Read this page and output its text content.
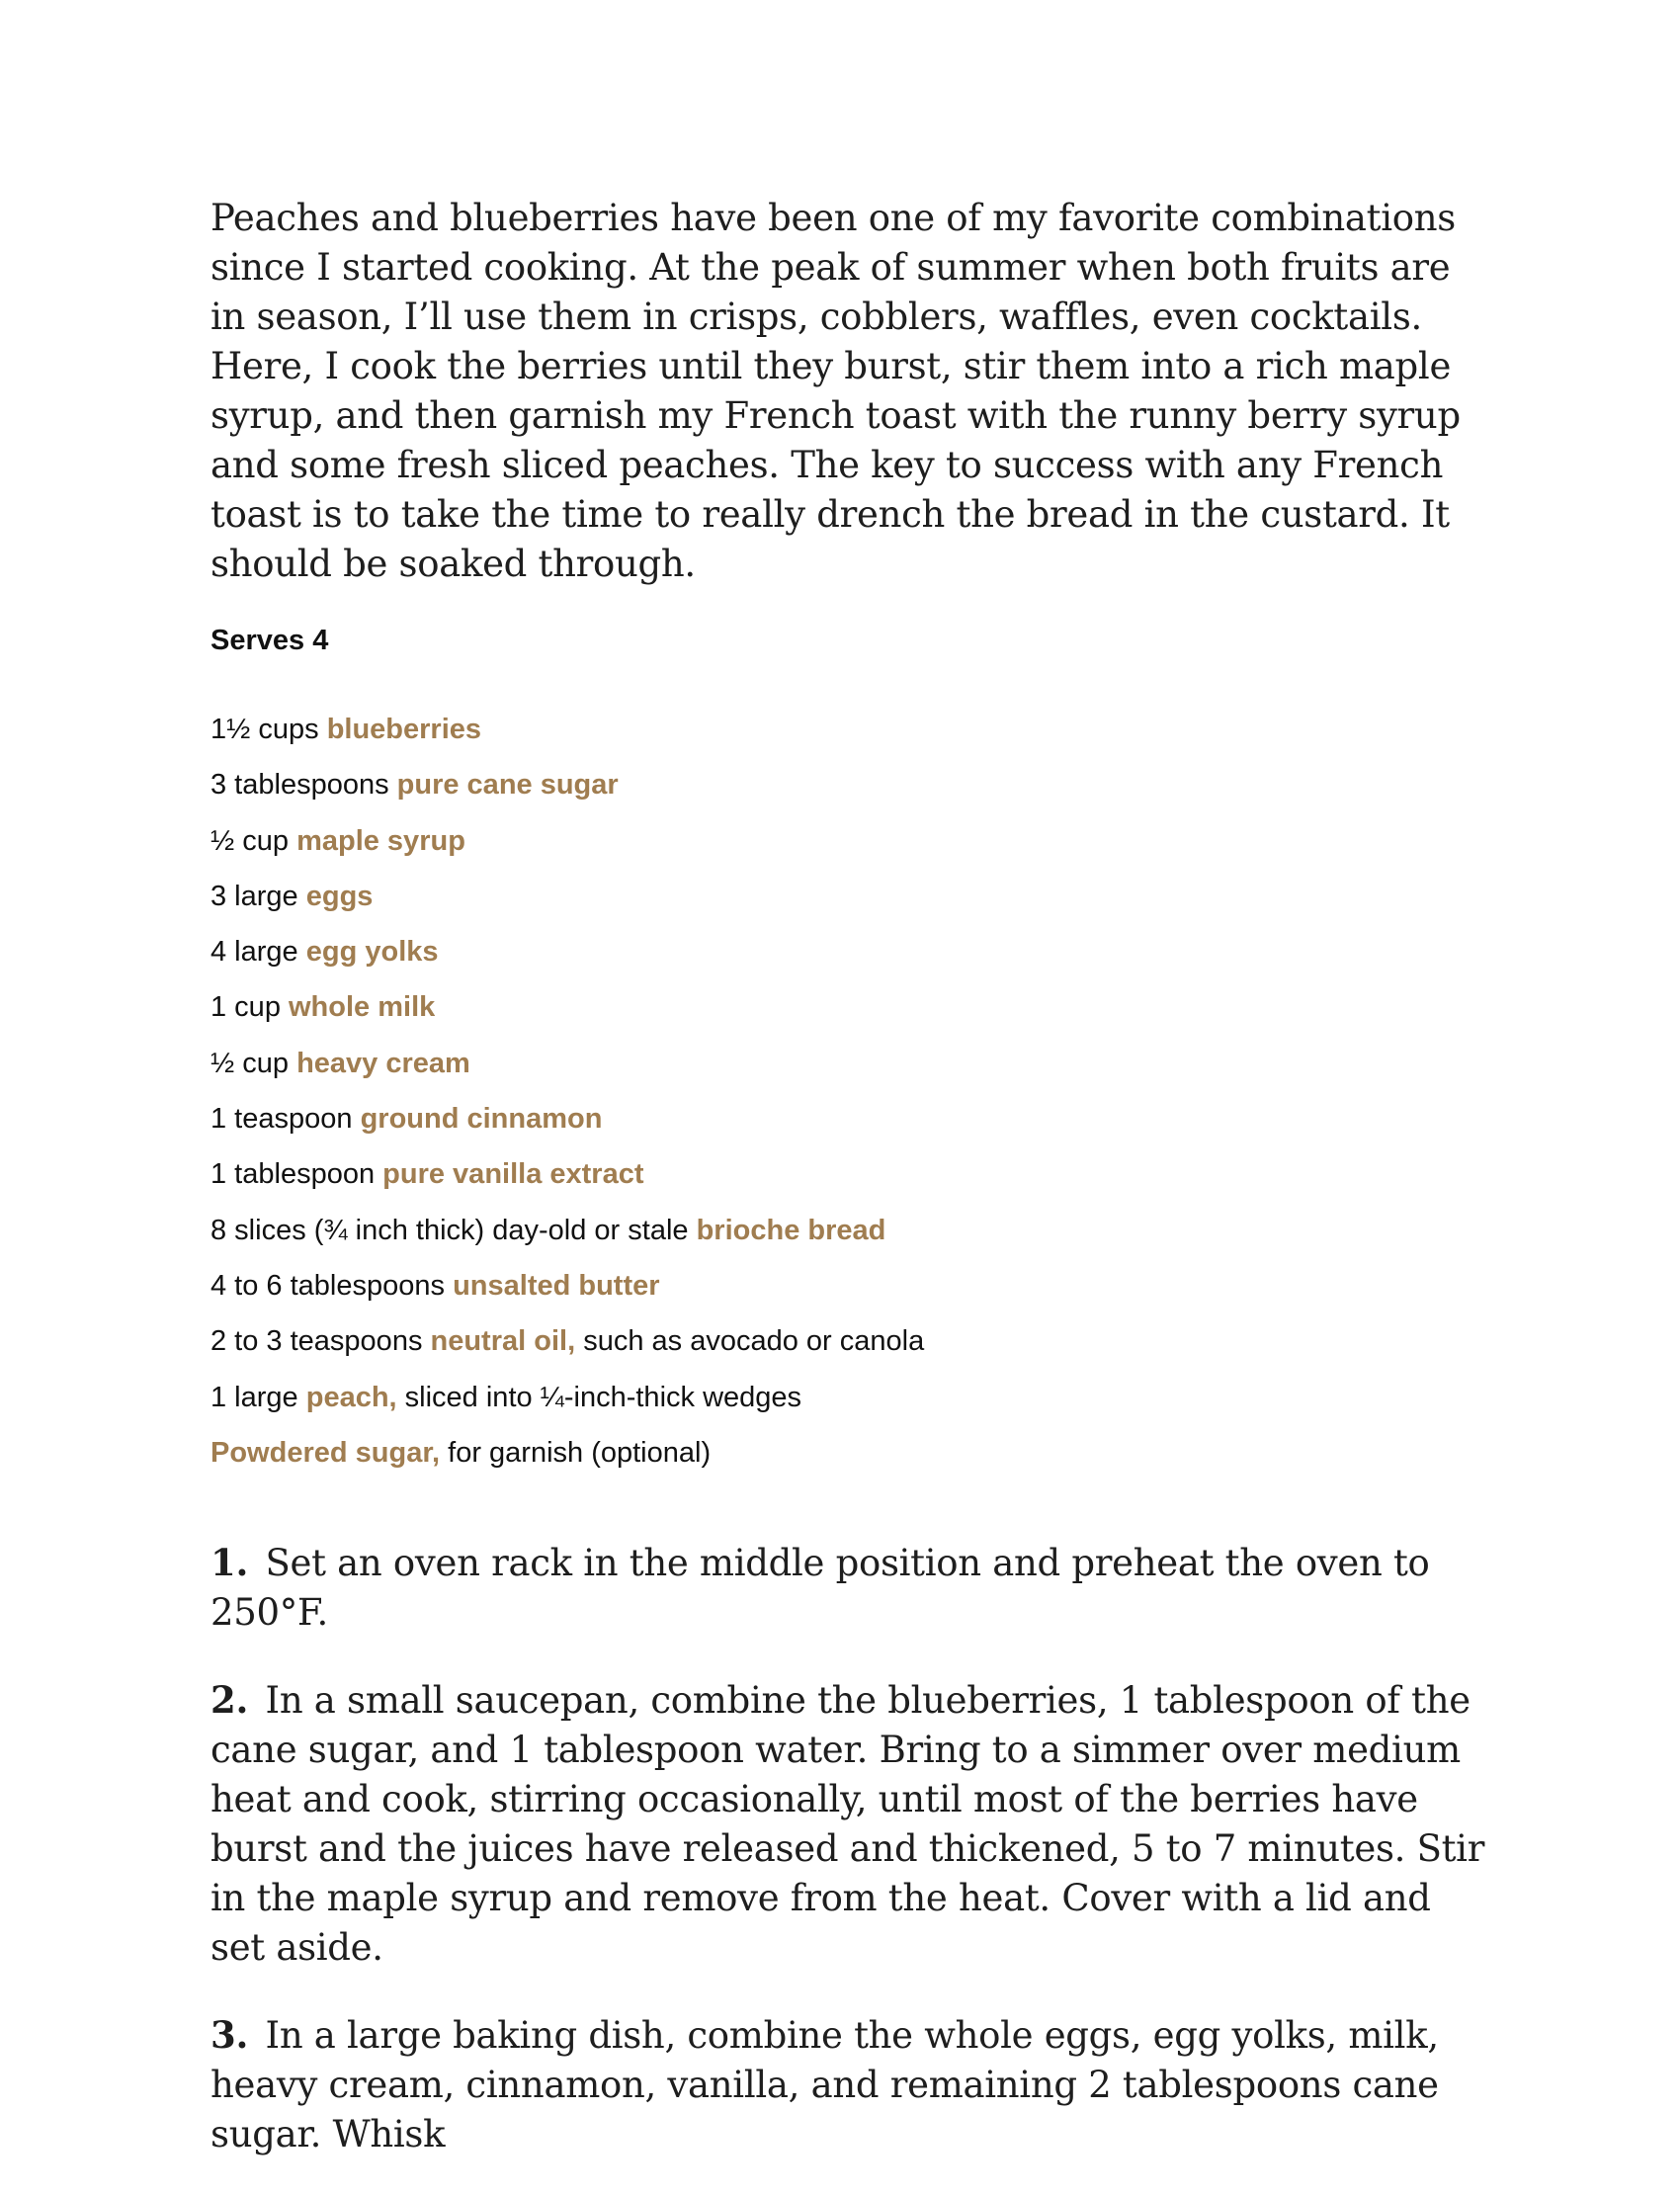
Peaches and blueberries have been one of my favorite combinations since I started cooking. At the peak of summer when both fruits are in season, I’ll use them in crisps, cobblers, waffles, even cocktails. Here, I cook the berries until they burst, stir them into a rich maple syrup, and then garnish my French toast with the runny berry syrup and some fresh sliced peaches. The key to success with any French toast is to take the time to really drench the bread in the custard. It should be soaked through.

Serves 4
1½ cups blueberries
3 tablespoons pure cane sugar
½ cup maple syrup
3 large eggs
4 large egg yolks
1 cup whole milk
½ cup heavy cream
1 teaspoon ground cinnamon
1 tablespoon pure vanilla extract
8 slices (¾ inch thick) day-old or stale brioche bread
4 to 6 tablespoons unsalted butter
2 to 3 teaspoons neutral oil, such as avocado or canola
1 large peach, sliced into ¼-inch-thick wedges
Powdered sugar, for garnish (optional)

1. Set an oven rack in the middle position and preheat the oven to 250°F.

2. In a small saucepan, combine the blueberries, 1 tablespoon of the cane sugar, and 1 tablespoon water. Bring to a simmer over medium heat and cook, stirring occasionally, until most of the berries have burst and the juices have released and thickened, 5 to 7 minutes. Stir in the maple syrup and remove from the heat. Cover with a lid and set aside.

3. In a large baking dish, combine the whole eggs, egg yolks, milk, heavy cream, cinnamon, vanilla, and remaining 2 tablespoons cane sugar. Whisk
